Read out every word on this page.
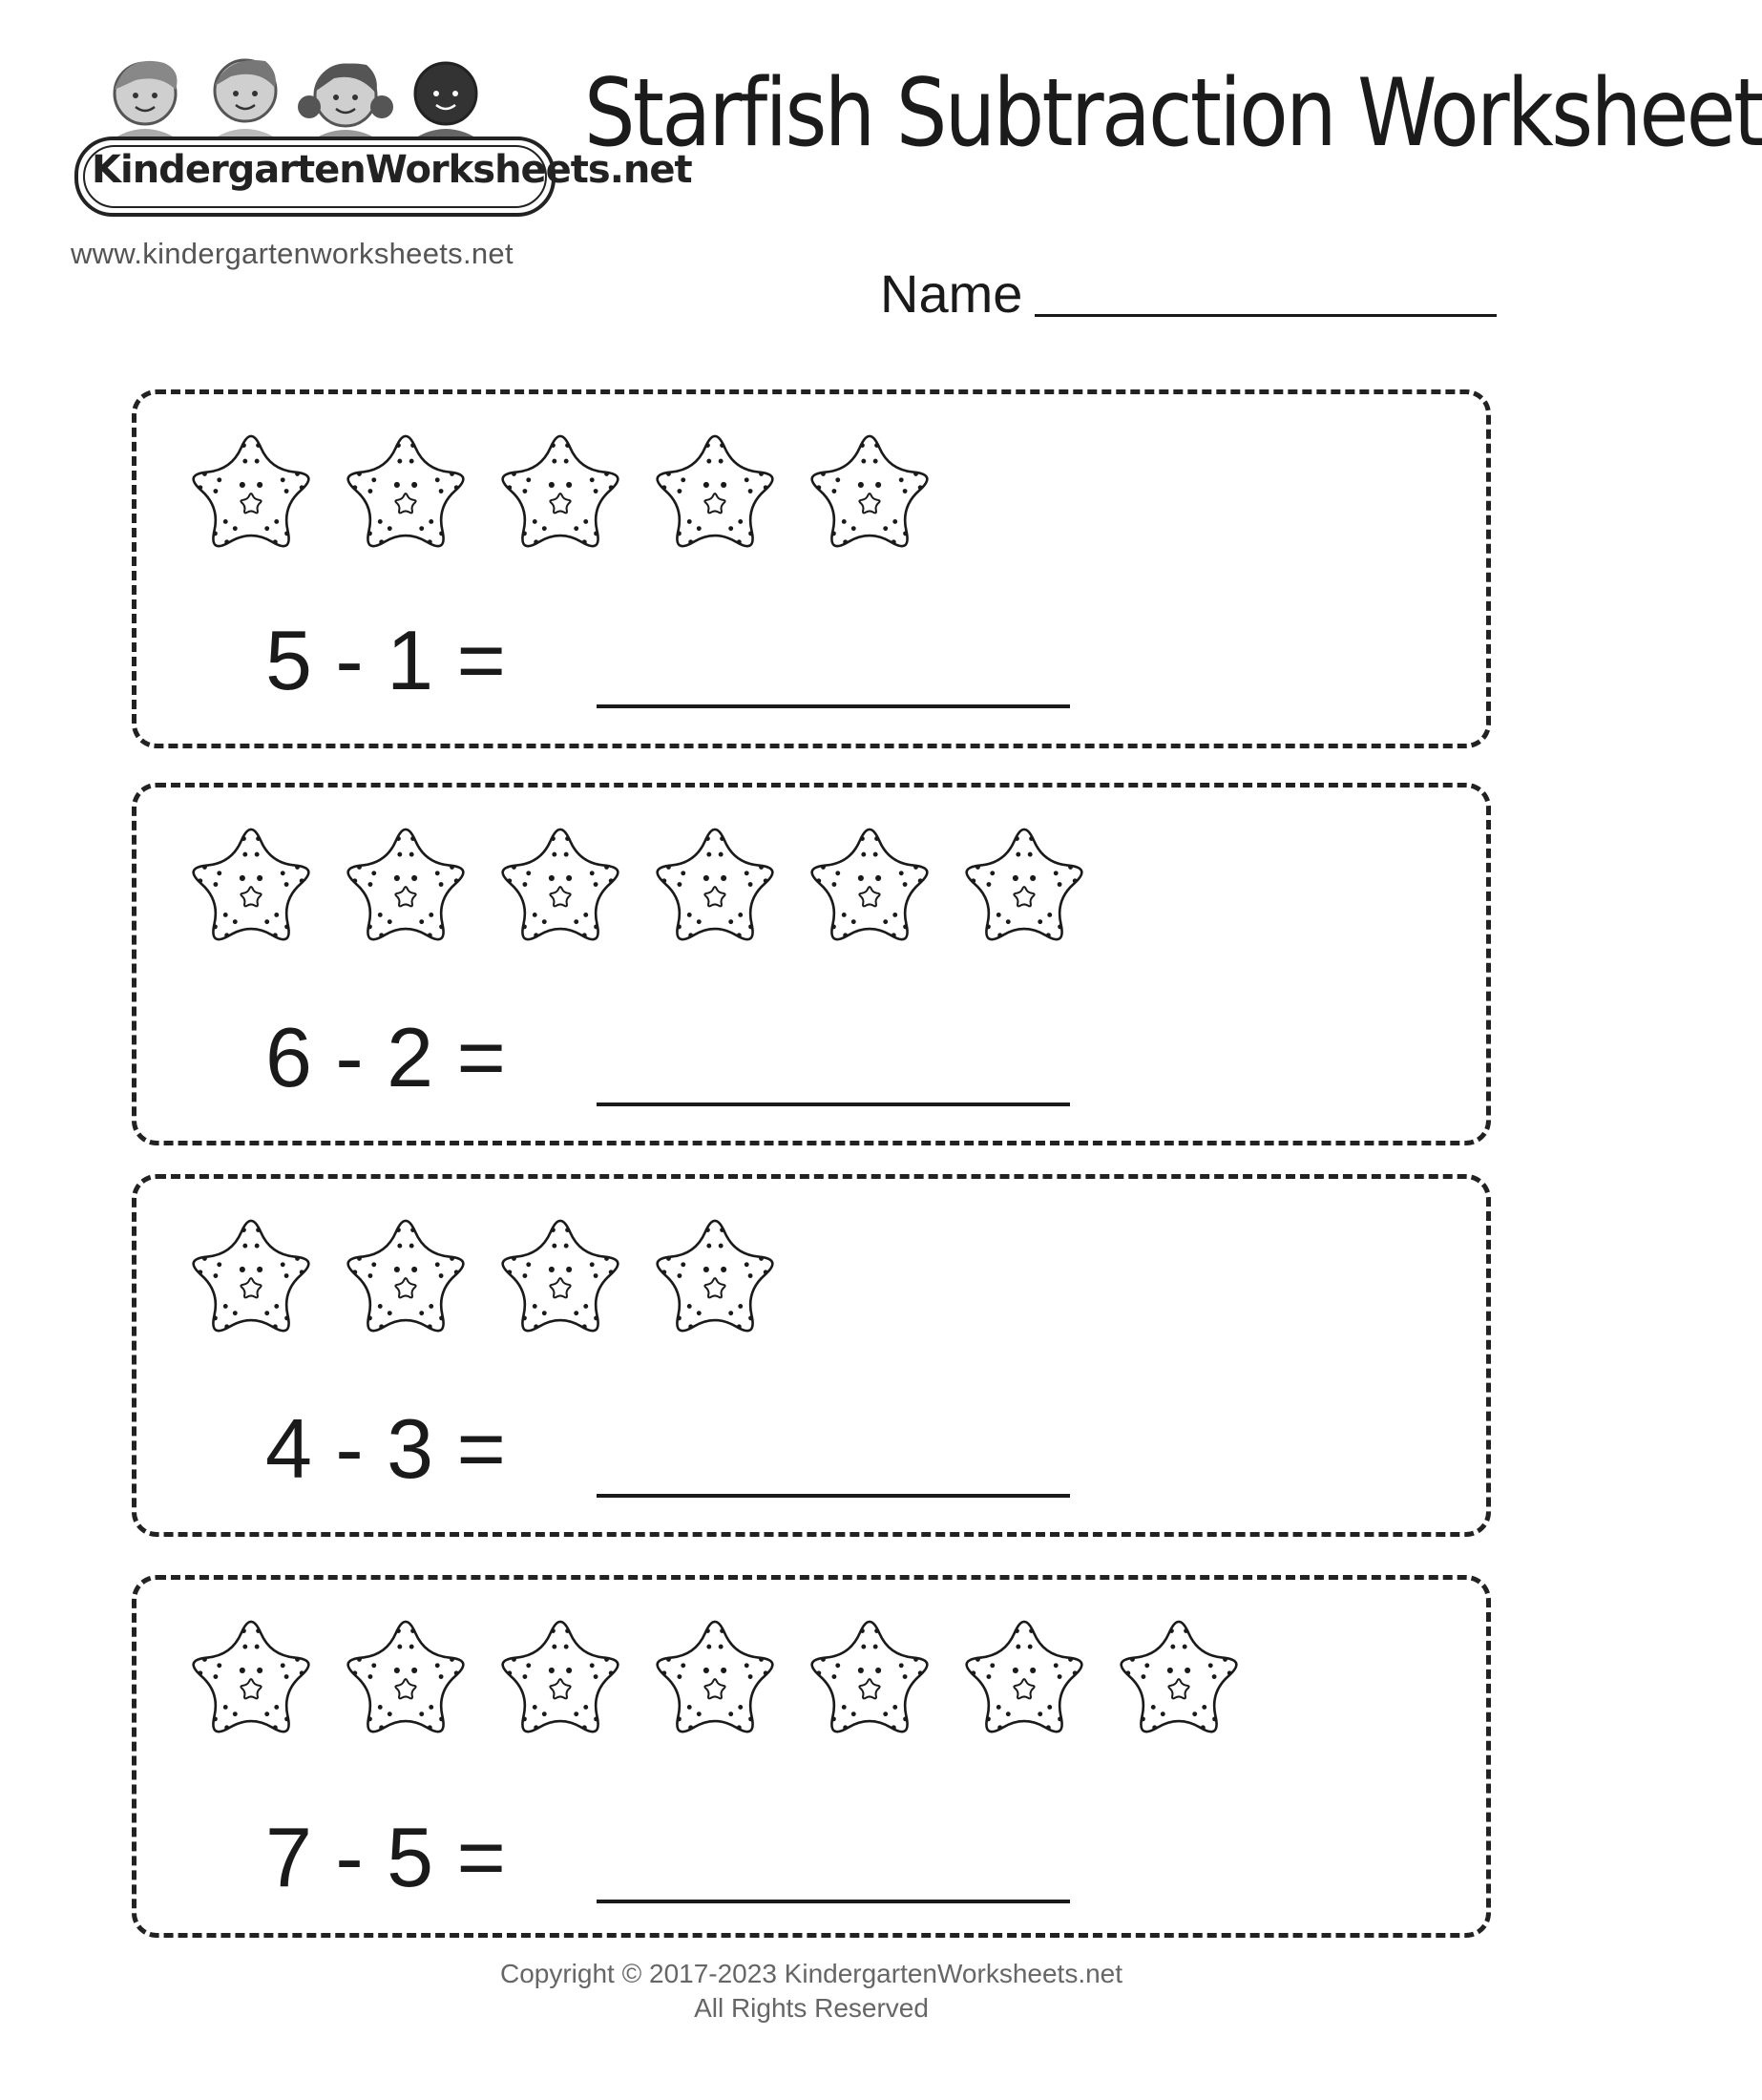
KindergartenWorksheets.net
www.kindergartenworksheets.net
Starfish Subtraction Worksheet
Name
5 - 1 =
6 - 2 =
4 - 3 =
7 - 5 =
Copyright © 2017-2023 KindergartenWorksheets.net
All Rights Reserved
